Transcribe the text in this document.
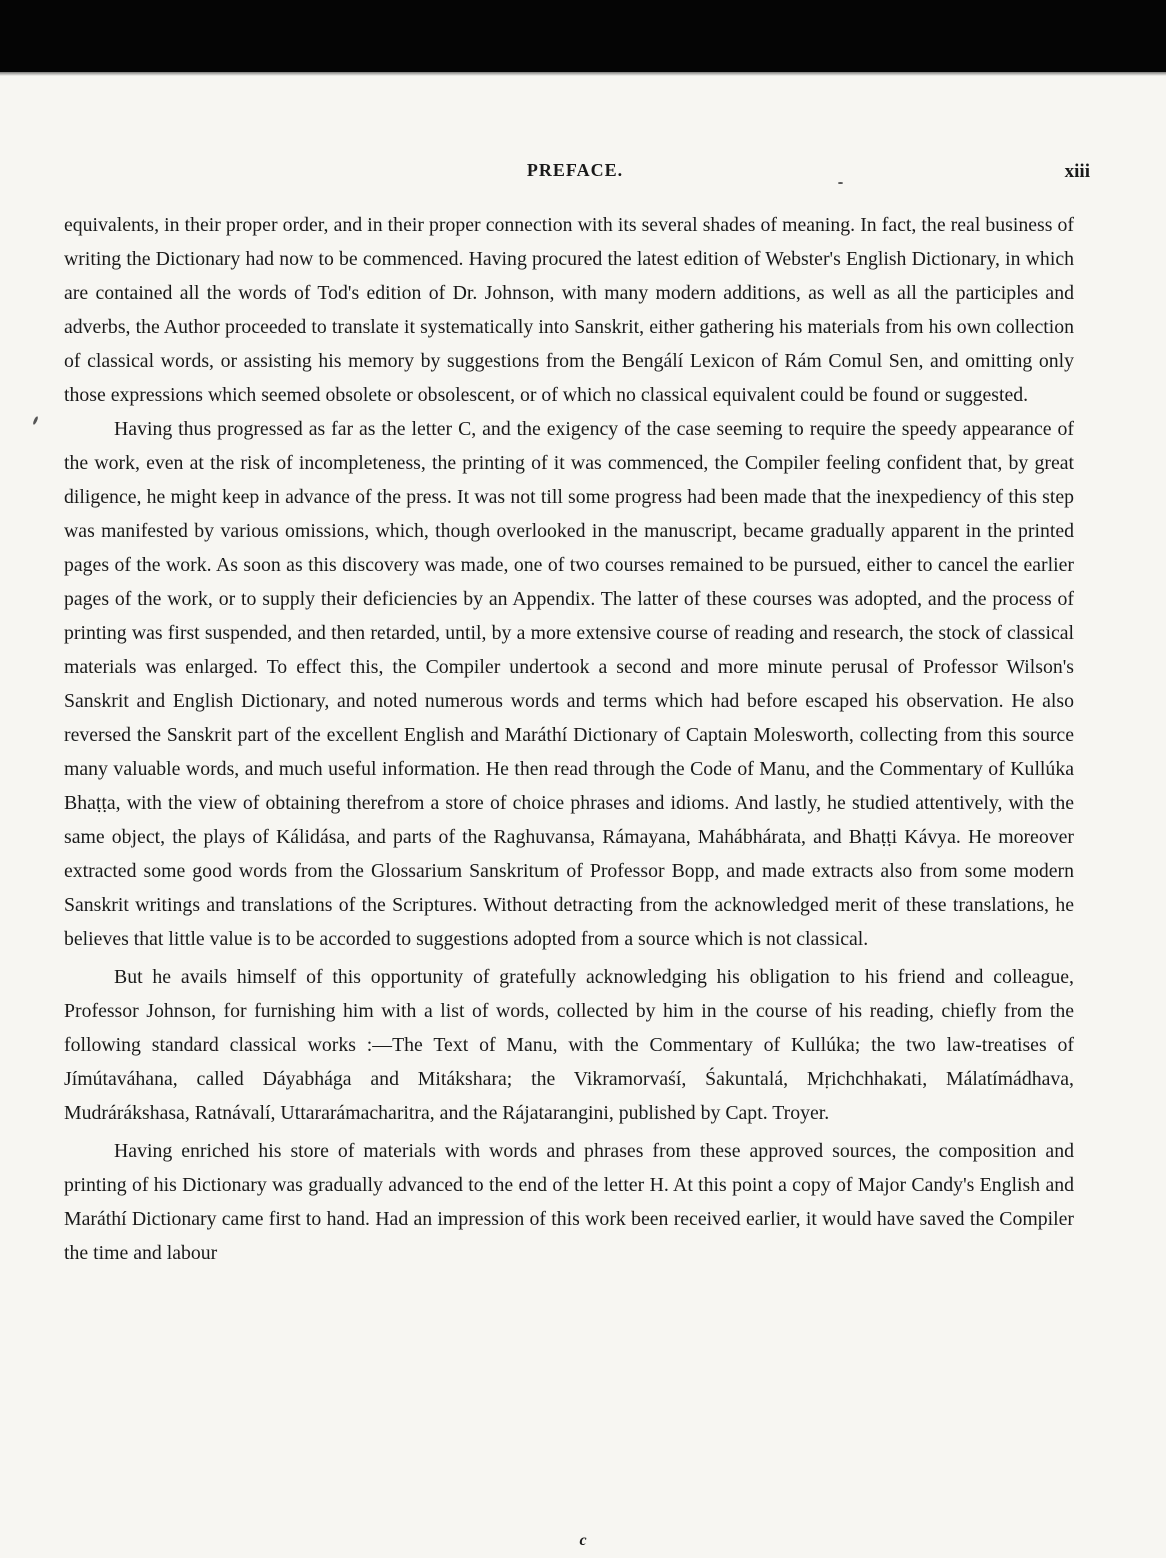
PREFACE.	xiii

equivalents, in their proper order, and in their proper connection with its several shades of meaning. In fact, the real business of writing the Dictionary had now to be commenced. Having procured the latest edition of Webster's English Dictionary, in which are contained all the words of Tod's edition of Dr. Johnson, with many modern additions, as well as all the participles and adverbs, the Author proceeded to translate it systematically into Sanskrit, either gathering his materials from his own collection of classical words, or assisting his memory by suggestions from the Bengálí Lexicon of Rám Comul Sen, and omitting only those expressions which seemed obsolete or obsolescent, or of which no classical equivalent could be found or suggested.

Having thus progressed as far as the letter C, and the exigency of the case seeming to require the speedy appearance of the work, even at the risk of incompleteness, the printing of it was commenced, the Compiler feeling confident that, by great diligence, he might keep in advance of the press. It was not till some progress had been made that the inexpediency of this step was manifested by various omissions, which, though overlooked in the manuscript, became gradually apparent in the printed pages of the work. As soon as this discovery was made, one of two courses remained to be pursued, either to cancel the earlier pages of the work, or to supply their deficiencies by an Appendix. The latter of these courses was adopted, and the process of printing was first suspended, and then retarded, until, by a more extensive course of reading and research, the stock of classical materials was enlarged. To effect this, the Compiler undertook a second and more minute perusal of Professor Wilson's Sanskrit and English Dictionary, and noted numerous words and terms which had before escaped his observation. He also reversed the Sanskrit part of the excellent English and Maráthí Dictionary of Captain Molesworth, collecting from this source many valuable words, and much useful information. He then read through the Code of Manu, and the Commentary of Kullúka Bhaṭṭa, with the view of obtaining therefrom a store of choice phrases and idioms. And lastly, he studied attentively, with the same object, the plays of Kálidása, and parts of the Raghuvansa, Rámayana, Mahábhárata, and Bhaṭṭi Kávya. He moreover extracted some good words from the Glossarium Sanskritum of Professor Bopp, and made extracts also from some modern Sanskrit writings and translations of the Scriptures. Without detracting from the acknowledged merit of these translations, he believes that little value is to be accorded to suggestions adopted from a source which is not classical.

But he avails himself of this opportunity of gratefully acknowledging his obligation to his friend and colleague, Professor Johnson, for furnishing him with a list of words, collected by him in the course of his reading, chiefly from the following standard classical works :—The Text of Manu, with the Commentary of Kullúka; the two law-treatises of Jímútaváhana, called Dáyabhága and Mitákshara; the Vikramorvaśí, Śakuntalá, Mṛichchhakati, Málatímádhava, Mudrárákshasa, Ratnávalí, Uttararámacharitra, and the Rájatarangini, published by Capt. Troyer.

Having enriched his store of materials with words and phrases from these approved sources, the composition and printing of his Dictionary was gradually advanced to the end of the letter H. At this point a copy of Major Candy's English and Maráthí Dictionary came first to hand. Had an impression of this work been received earlier, it would have saved the Compiler the time and labour

c
